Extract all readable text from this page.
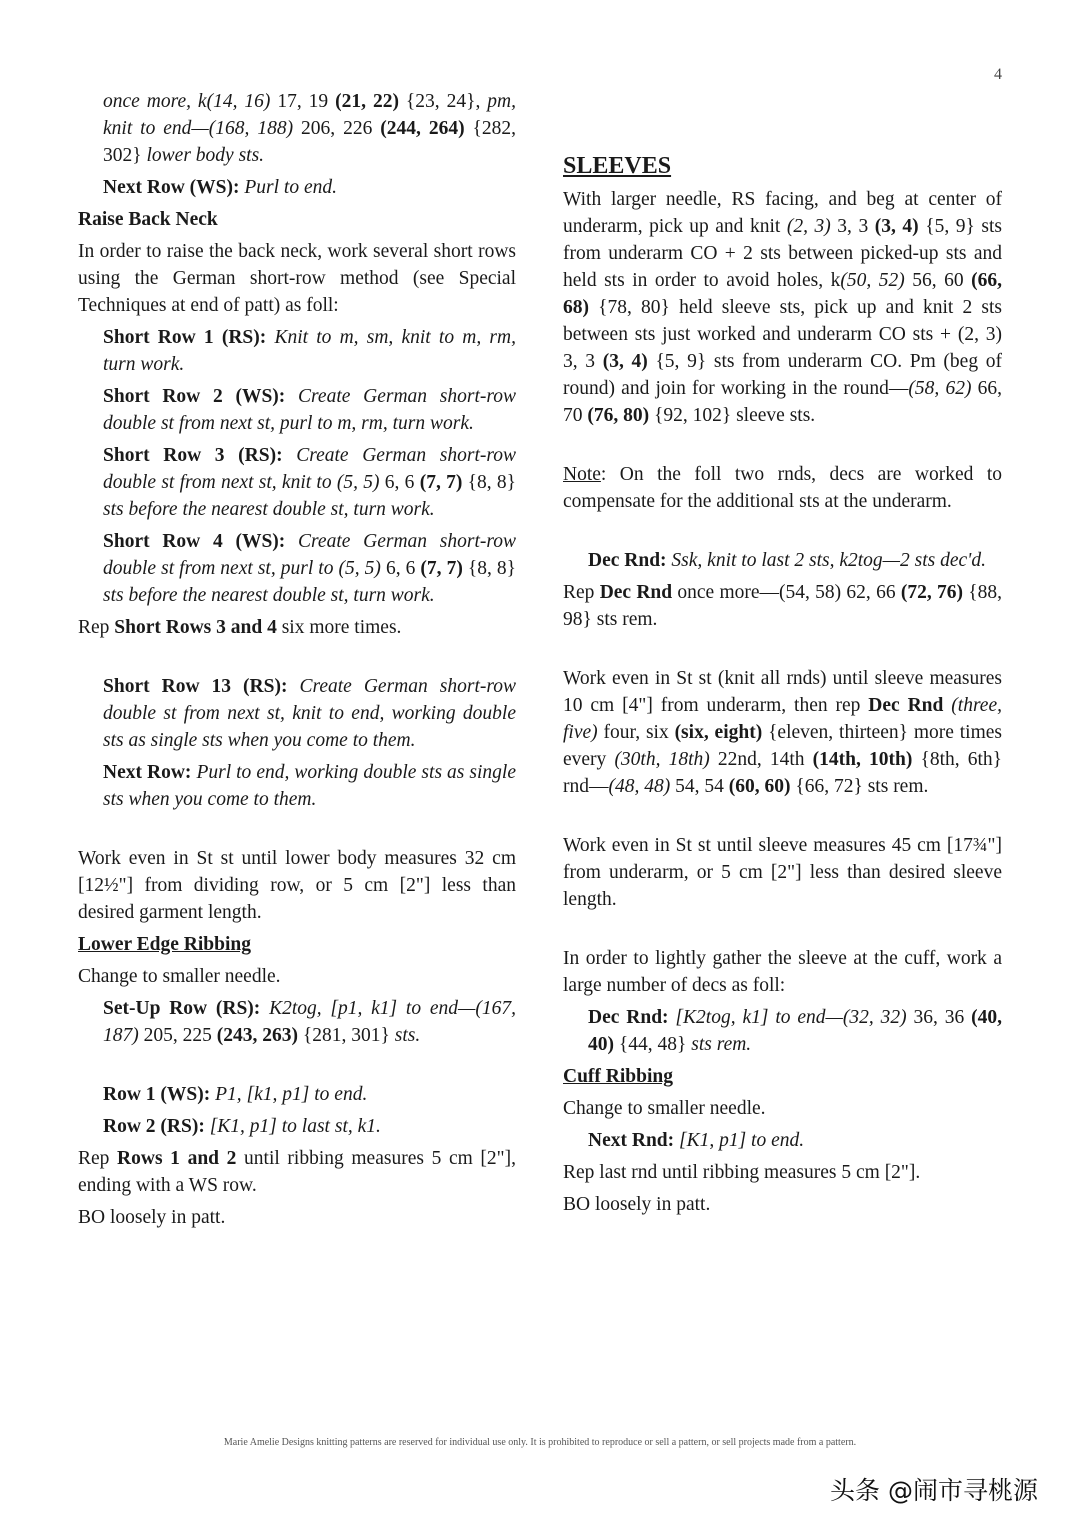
4

once more, k(14, 16) 17, 19 (21, 22) {23, 24}, pm, knit to end—(168, 188) 206, 226 (244, 264) {282, 302} lower body sts.

Next Row (WS): Purl to end.

Raise Back Neck

In order to raise the back neck, work several short rows using the German short-row method (see Special Techniques at end of patt) as foll:

Short Row 1 (RS): Knit to m, sm, knit to m, rm, turn work.

Short Row 2 (WS): Create German short-row double st from next st, purl to m, rm, turn work.

Short Row 3 (RS): Create German short-row double st from next st, knit to (5, 5) 6, 6 (7, 7) {8, 8} sts before the nearest double st, turn work.

Short Row 4 (WS): Create German short-row double st from next st, purl to (5, 5) 6, 6 (7, 7) {8, 8} sts before the nearest double st, turn work.

Rep Short Rows 3 and 4 six more times.

Short Row 13 (RS): Create German short-row double st from next st, knit to end, working double sts as single sts when you come to them.

Next Row: Purl to end, working double sts as single sts when you come to them.

Work even in St st until lower body measures 32 cm [12½"] from dividing row, or 5 cm [2"] less than desired garment length.

Lower Edge Ribbing

Change to smaller needle.

Set-Up Row (RS): K2tog, [p1, k1] to end—(167, 187) 205, 225 (243, 263) {281, 301} sts.

Row 1 (WS): P1, [k1, p1] to end.

Row 2 (RS): [K1, p1] to last st, k1.

Rep Rows 1 and 2 until ribbing measures 5 cm [2"], ending with a WS row.

BO loosely in patt.

SLEEVES

With larger needle, RS facing, and beg at center of underarm, pick up and knit (2, 3) 3, 3 (3, 4) {5, 9} sts from underarm CO + 2 sts between picked-up sts and held sts in order to avoid holes, k(50, 52) 56, 60 (66, 68) {78, 80} held sleeve sts, pick up and knit 2 sts between sts just worked and underarm CO sts + (2, 3) 3, 3 (3, 4) {5, 9} sts from underarm CO. Pm (beg of round) and join for working in the round—(58, 62) 66, 70 (76, 80) {92, 102} sleeve sts.

Note: On the foll two rnds, decs are worked to compensate for the additional sts at the underarm.

Dec Rnd: Ssk, knit to last 2 sts, k2tog—2 sts dec'd.

Rep Dec Rnd once more—(54, 58) 62, 66 (72, 76) {88, 98} sts rem.

Work even in St st (knit all rnds) until sleeve measures 10 cm [4"] from underarm, then rep Dec Rnd (three, five) four, six (six, eight) {eleven, thirteen} more times every (30th, 18th) 22nd, 14th (14th, 10th) {8th, 6th} rnd—(48, 48) 54, 54 (60, 60) {66, 72} sts rem.

Work even in St st until sleeve measures 45 cm [17¾"] from underarm, or 5 cm [2"] less than desired sleeve length.

In order to lightly gather the sleeve at the cuff, work a large number of decs as foll:

Dec Rnd: [K2tog, k1] to end—(32, 32) 36, 36 (40, 40) {44, 48} sts rem.

Cuff Ribbing

Change to smaller needle.

Next Rnd: [K1, p1] to end.

Rep last rnd until ribbing measures 5 cm [2"].

BO loosely in patt.

Marie Amelie Designs knitting patterns are reserved for individual use only. It is prohibited to reproduce or sell a pattern, or sell projects made from a pattern.
头条 @闹市寻桃源
